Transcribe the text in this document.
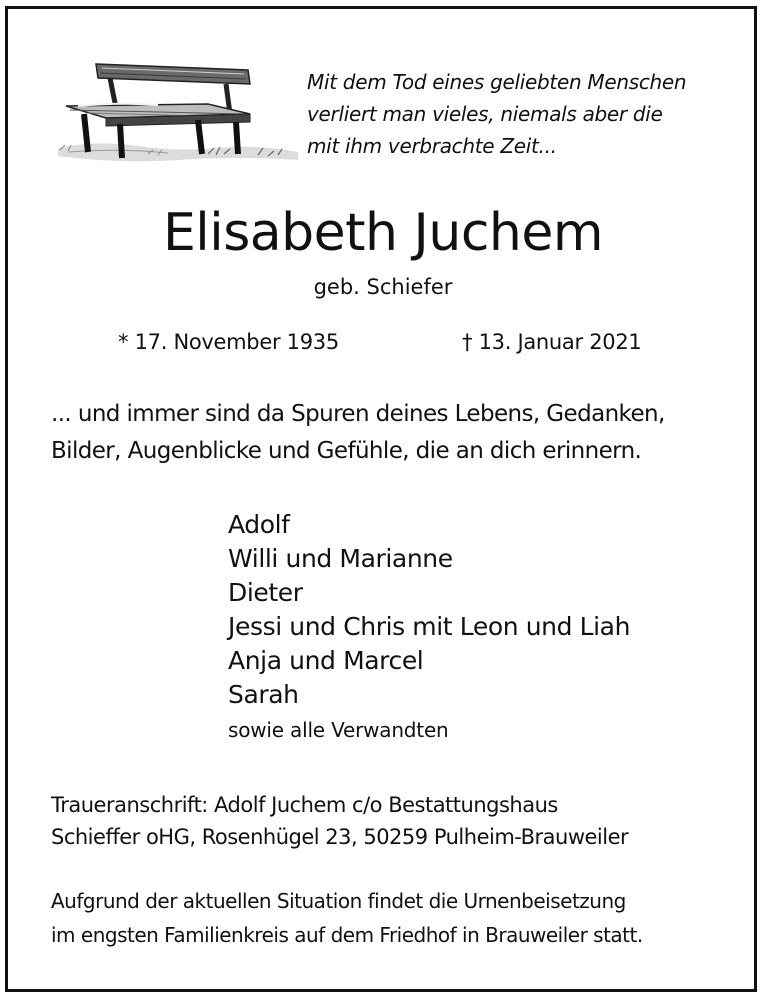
Mit dem Tod eines geliebten Menschen
verliert man vieles, niemals aber die
mit ihm verbrachte Zeit...
Elisabeth Juchem
geb. Schiefer
* 17. November 1935	† 13. Januar 2021
... und immer sind da Spuren deines Lebens, Gedanken,
Bilder, Augenblicke und Gefühle, die an dich erinnern.
Adolf
Willi und Marianne
Dieter
Jessi und Chris mit Leon und Liah
Anja und Marcel
Sarah
sowie alle Verwandten
Traueranschrift: Adolf Juchem c/o Bestattungshaus
Schieffer oHG, Rosenhügel 23, 50259 Pulheim-Brauweiler
Aufgrund der aktuellen Situation findet die Urnenbeisetzung
im engsten Familienkreis auf dem Friedhof in Brauweiler statt.
